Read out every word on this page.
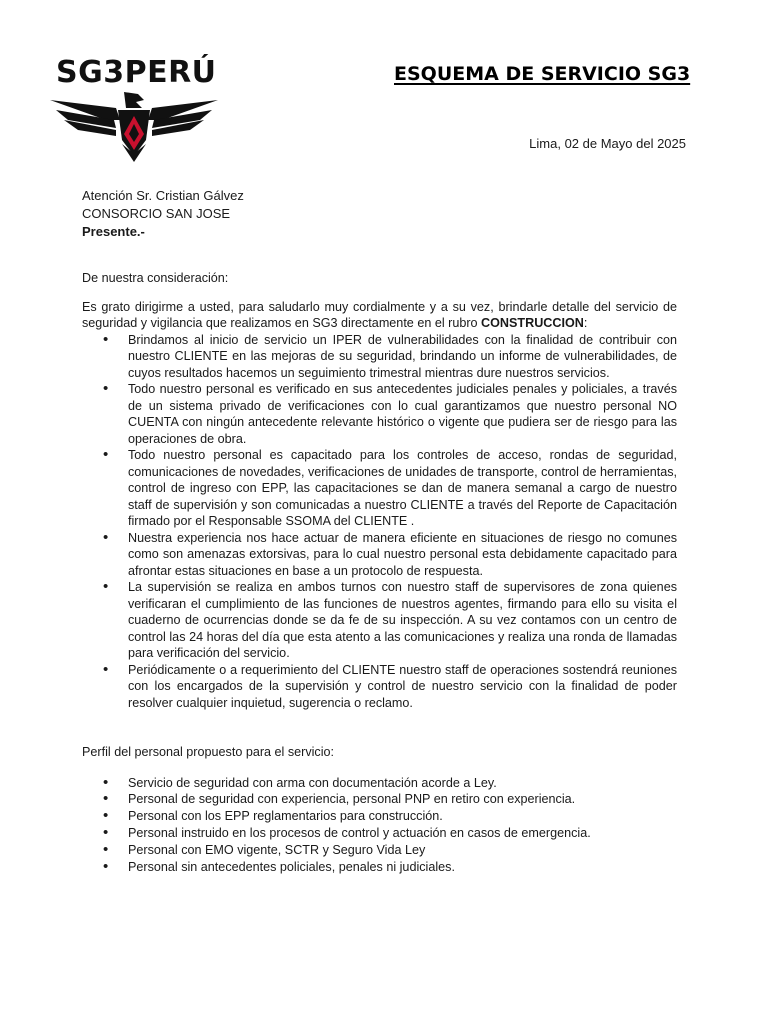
SG3PERÚ	ESQUEMA DE SERVICIO SG3
Lima, 02 de Mayo del 2025
Atención Sr. Cristian Gálvez
CONSORCIO SAN JOSE
Presente.-

De nuestra consideración:

Es grato dirigirme a usted, para saludarlo muy cordialmente y a su vez, brindarle detalle del servicio de seguridad y vigilancia que realizamos en SG3 directamente en el rubro CONSTRUCCION:

• Brindamos al inicio de servicio un IPER de vulnerabilidades con la finalidad de contribuir con nuestro CLIENTE en las mejoras de su seguridad, brindando un informe de vulnerabilidades, de cuyos resultados hacemos un seguimiento trimestral mientras dure nuestros servicios.
• Todo nuestro personal es verificado en sus antecedentes judiciales penales y policiales, a través de un sistema privado de verificaciones con lo cual garantizamos que nuestro personal NO CUENTA con ningún antecedente relevante histórico o vigente que pudiera ser de riesgo para las operaciones de obra.
• Todo nuestro personal es capacitado para los controles de acceso, rondas de seguridad, comunicaciones de novedades, verificaciones de unidades de transporte, control de herramientas, control de ingreso con EPP, las capacitaciones se dan de manera semanal a cargo de nuestro staff de supervisión y son comunicadas a nuestro CLIENTE a través del Reporte de Capacitación firmado por el Responsable SSOMA del CLIENTE .
• Nuestra experiencia nos hace actuar de manera eficiente en situaciones de riesgo no comunes como son amenazas extorsivas, para lo cual nuestro personal esta debidamente capacitado para afrontar estas situaciones en base a un protocolo de respuesta.
• La supervisión se realiza en ambos turnos con nuestro staff de supervisores de zona quienes verificaran el cumplimiento de las funciones de nuestros agentes, firmando para ello su visita el cuaderno de ocurrencias donde se da fe de su inspección. A su vez contamos con un centro de control las 24 horas del día que esta atento a las comunicaciones y realiza una ronda de llamadas para verificación del servicio.
• Periódicamente o a requerimiento del CLIENTE nuestro staff de operaciones sostendrá reuniones con los encargados de la supervisión y control de nuestro servicio con la finalidad de poder resolver cualquier inquietud, sugerencia o reclamo.

Perfil del personal propuesto para el servicio:

• Servicio de seguridad con arma con documentación acorde a Ley.
• Personal de seguridad con experiencia, personal PNP en retiro con experiencia.
• Personal con los EPP reglamentarios para construcción.
• Personal instruido en los procesos de control y actuación en casos de emergencia.
• Personal con EMO vigente, SCTR y Seguro Vida Ley
• Personal sin antecedentes policiales, penales ni judiciales.
